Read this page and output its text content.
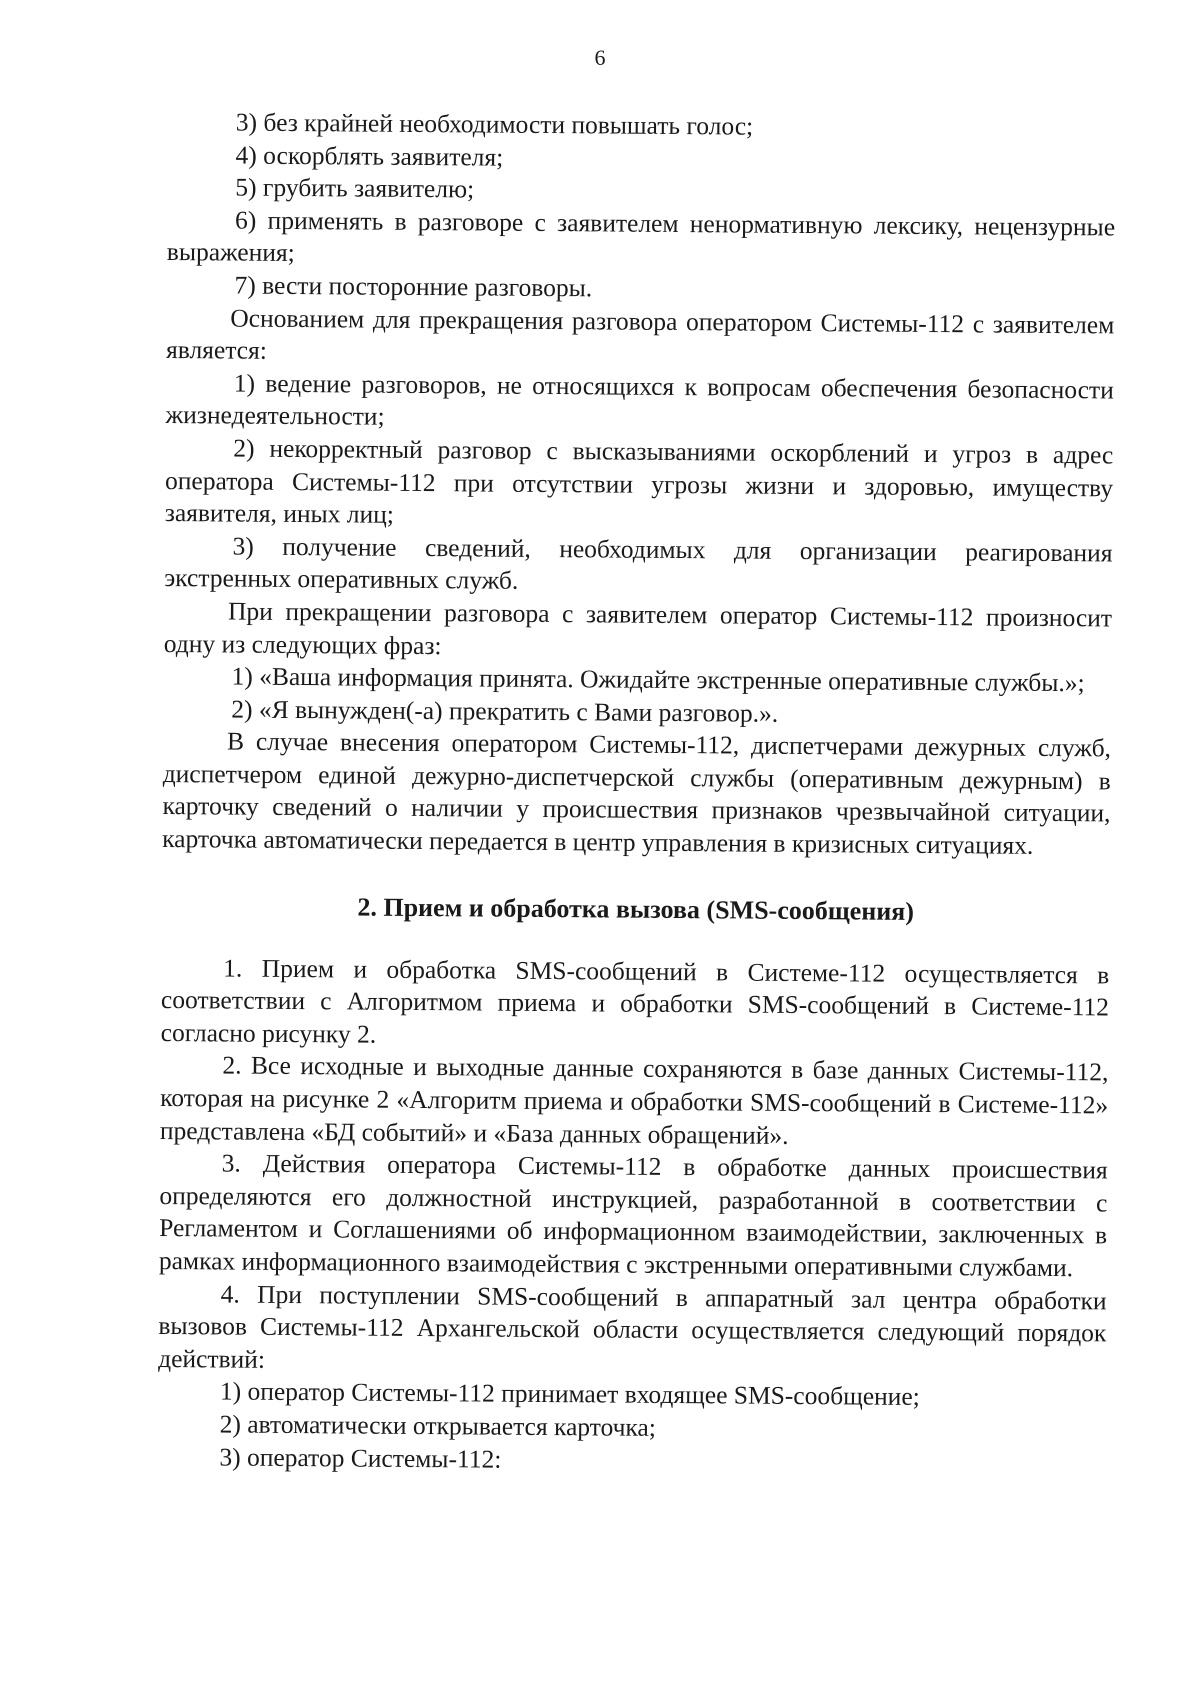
6

3) без крайней необходимости повышать голос;

4) оскорблять заявителя;

5) грубить заявителю;

6) применять в разговоре с заявителем ненормативную лексику, нецензурные выражения;

7) вести посторонние разговоры.

Основанием для прекращения разговора оператором Системы-112 с заявителем является:

1) ведение разговоров, не относящихся к вопросам обеспечения безопасности жизнедеятельности;

2) некорректный разговор с высказываниями оскорблений и угроз в адрес оператора Системы-112 при отсутствии угрозы жизни и здоровью, имуществу заявителя, иных лиц;

3) получение сведений, необходимых для организации реагирования экстренных оперативных служб.

При прекращении разговора с заявителем оператор Системы-112 произносит одну из следующих фраз:

1) «Ваша информация принята. Ожидайте экстренные оперативные службы.»;

2) «Я вынужден(-а) прекратить с Вами разговор.».

В случае внесения оператором Системы-112, диспетчерами дежурных служб, диспетчером единой дежурно-диспетчерской службы (оперативным дежурным) в карточку сведений о наличии у происшествия признаков чрезвычайной ситуации, карточка автоматически передается в центр управления в кризисных ситуациях.

2. Прием и обработка вызова (SMS-сообщения)

1. Прием и обработка SMS-сообщений в Системе-112 осуществляется в соответствии с Алгоритмом приема и обработки SMS-сообщений в Системе-112 согласно рисунку 2.

2. Все исходные и выходные данные сохраняются в базе данных Системы-112, которая на рисунке 2 «Алгоритм приема и обработки SMS-сообщений в Системе-112» представлена «БД событий» и «База данных обращений».

3. Действия оператора Системы-112 в обработке данных происшествия определяются его должностной инструкцией, разработанной в соответствии с Регламентом и Соглашениями об информационном взаимодействии, заключенных в рамках информационного взаимодействия с экстренными оперативными службами.

4. При поступлении SMS-сообщений в аппаратный зал центра обработки вызовов Системы-112 Архангельской области осуществляется следующий порядок действий:

1) оператор Системы-112 принимает входящее SMS-сообщение;

2) автоматически открывается карточка;

3) оператор Системы-112:
